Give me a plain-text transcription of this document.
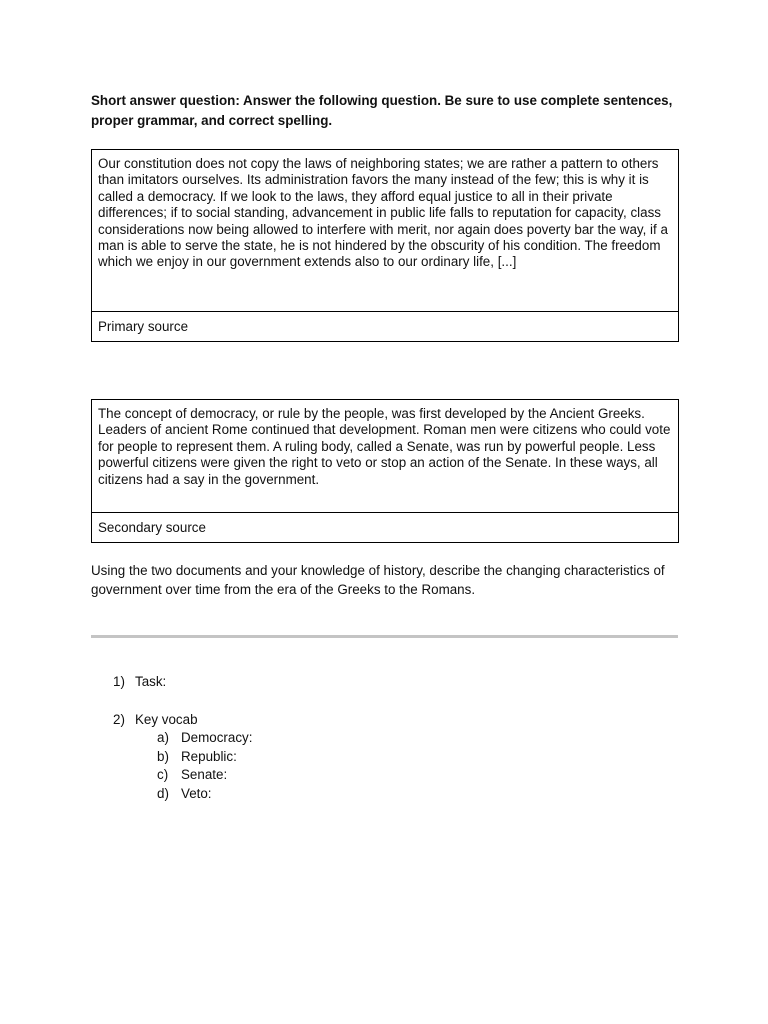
Short answer question: Answer the following question. Be sure to use complete sentences, proper grammar, and correct spelling.

Our constitution does not copy the laws of neighboring states; we are rather a pattern to others than imitators ourselves. Its administration favors the many instead of the few; this is why it is called a democracy. If we look to the laws, they afford equal justice to all in their private differences; if to social standing, advancement in public life falls to reputation for capacity, class considerations now being allowed to interfere with merit, nor again does poverty bar the way, if a man is able to serve the state, he is not hindered by the obscurity of his condition. The freedom which we enjoy in our government extends also to our ordinary life, [...]
Primary source
The concept of democracy, or rule by the people, was first developed by the Ancient Greeks. Leaders of ancient Rome continued that development. Roman men were citizens who could vote for people to represent them. A ruling body, called a Senate, was run by powerful people. Less powerful citizens were given the right to veto or stop an action of the Senate. In these ways, all citizens had a say in the government.
Secondary source

Using the two documents and your knowledge of history, describe the changing characteristics of government over time from the era of the Greeks to the Romans.

1) Task:
2) Key vocab
a) Democracy:
b) Republic:
c) Senate:
d) Veto:
